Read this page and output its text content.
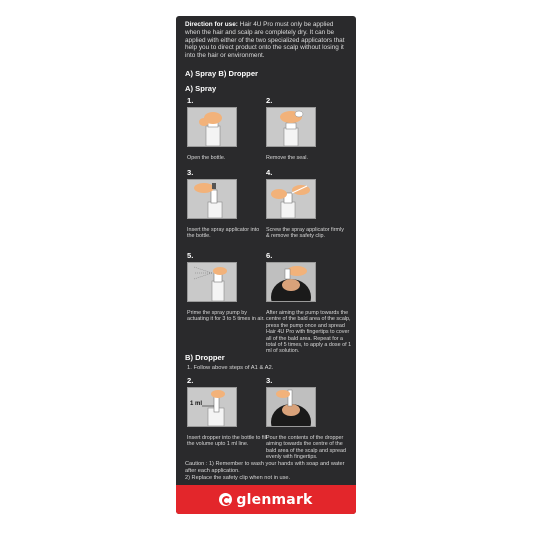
Direction for use: Hair 4U Pro must only be applied when the hair and scalp are completely dry. It can be applied with either of the two specialized applicators that help you to direct product onto the scalp without losing it into the hair or environment.
A) Spray B) Dropper
A) Spray
1.
Open the bottle.
2.
Remove the seal.
3.
Insert the spray applicator into the bottle.
4.
Screw the spray applicator firmly & remove the safety clip.
5.
Prime the spray pump by actuating it for 3 to 5 times in air.
6.
After aiming the pump towards the centre of the bald area of the scalp, press the pump once and spread Hair 4U Pro with fingertips to cover all of the bald area. Repeat for a total of 5 times, to apply a dose of 1 ml of solution.
B) Dropper
1. Follow above steps of A1 & A2.
2.
1 ml
Insert dropper into the bottle to fill the volume upto 1 ml line.
3.
Pour the contents of the dropper aiming towards the centre of the bald area of the scalp and spread evenly with fingertips.
Caution : 1) Remember to wash your hands with soap and water after each application.
2) Replace the safety clip when not in use.
glenmark
